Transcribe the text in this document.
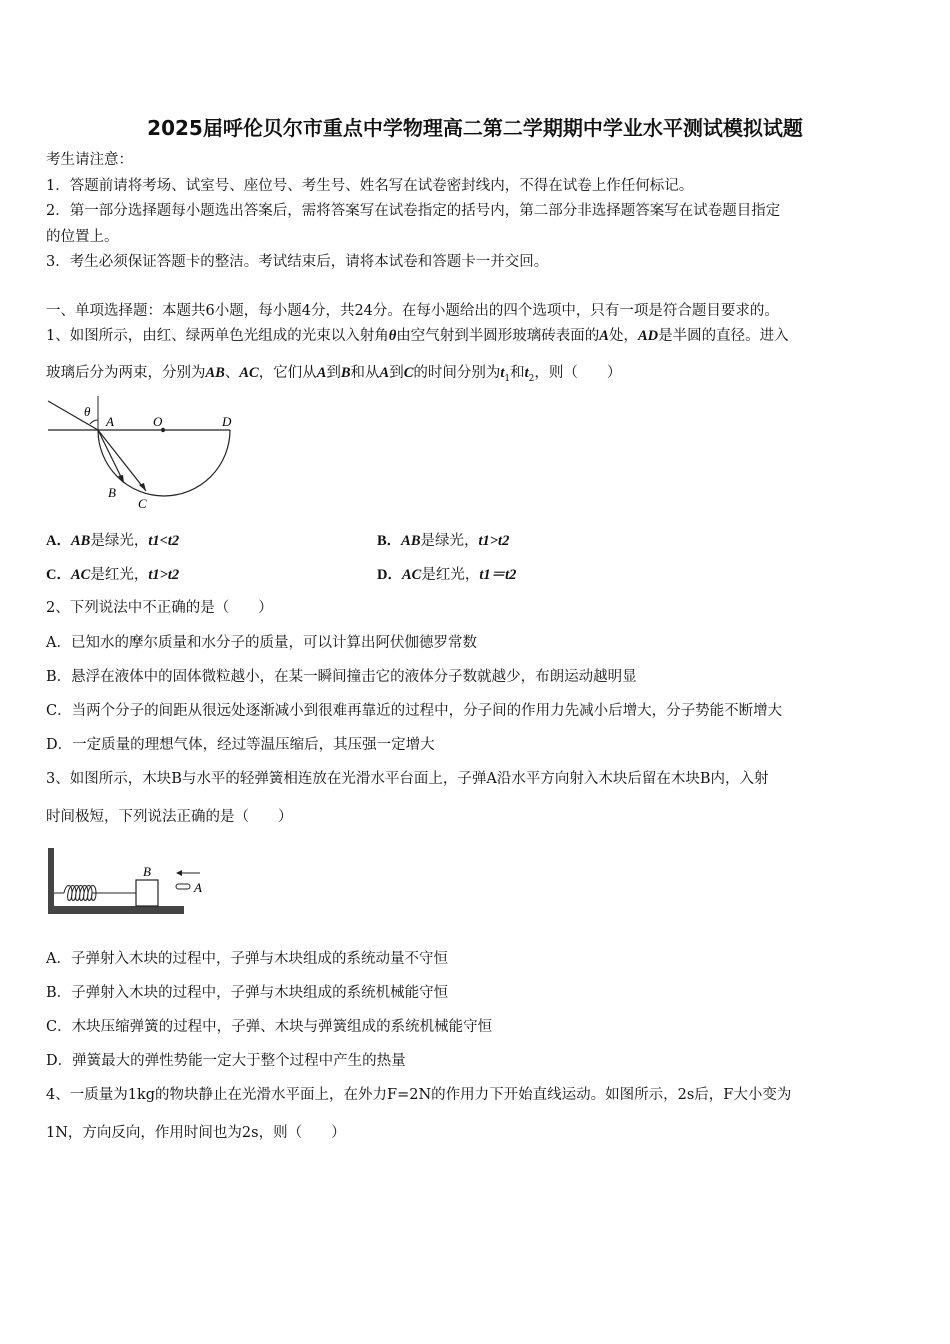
2025届呼伦贝尔市重点中学物理高二第二学期期中学业水平测试模拟试题
考生请注意：
1．答题前请将考场、试室号、座位号、考生号、姓名写在试卷密封线内，不得在试卷上作任何标记。
2．第一部分选择题每小题选出答案后，需将答案写在试卷指定的括号内，第二部分非选择题答案写在试卷题目指定
的位置上。
3．考生必须保证答题卡的整洁。考试结束后，请将本试卷和答题卡一并交回。
一、单项选择题：本题共6小题，每小题4分，共24分。在每小题给出的四个选项中，只有一项是符合题目要求的。
1、如图所示，由红、绿两单色光组成的光束以入射角θ由空气射到半圆形玻璃砖表面的A处，AD是半圆的直径。进入
玻璃后分为两束，分别为AB、AC，它们从A到B和从A到C的时间分别为$t_1$和$t_2$，则（　　）
θ
A	O	D
B
C
A．AB是绿光，t1<t2	B．AB是绿光，t1>t2
C．AC是红光，t1>t2	D．AC是红光，t1＝t2
2、下列说法中不正确的是（　　）
A．已知水的摩尔质量和水分子的质量，可以计算出阿伏伽德罗常数
B．悬浮在液体中的固体微粒越小，在某一瞬间撞击它的液体分子数就越少，布朗运动越明显
C．当两个分子的间距从很远处逐渐减小到很难再靠近的过程中，分子间的作用力先减小后增大，分子势能不断增大
D．一定质量的理想气体，经过等温压缩后，其压强一定增大
3、如图所示，木块B与水平的轻弹簧相连放在光滑水平台面上，子弹A沿水平方向射入木块后留在木块B内，入射
时间极短，下列说法正确的是（　　）
B
A
A．子弹射入木块的过程中，子弹与木块组成的系统动量不守恒
B．子弹射入木块的过程中，子弹与木块组成的系统机械能守恒
C．木块压缩弹簧的过程中，子弹、木块与弹簧组成的系统机械能守恒
D．弹簧最大的弹性势能一定大于整个过程中产生的热量
4、一质量为1kg的物块静止在光滑水平面上，在外力F=2N的作用力下开始直线运动。如图所示，2s后，F大小变为
1N，方向反向，作用时间也为2s，则（　　）
